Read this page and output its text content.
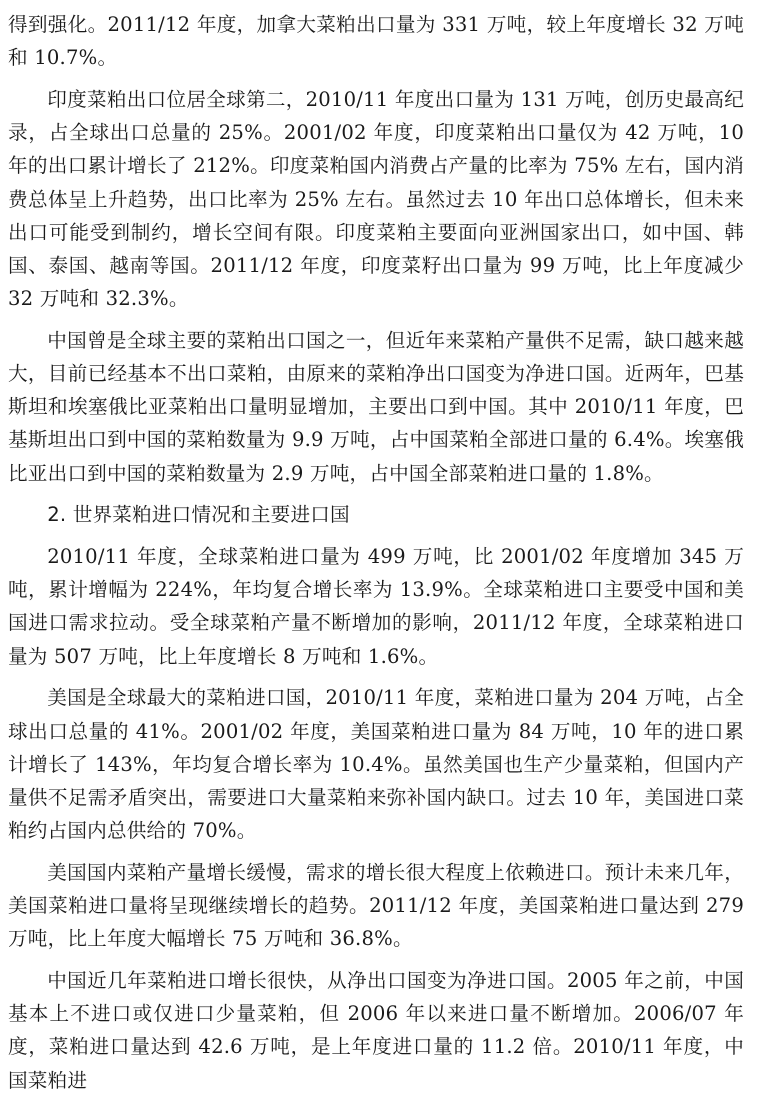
得到强化。2011/12 年度，加拿大菜粕出口量为 331 万吨，较上年度增长 32 万吨和 10.7%。

印度菜粕出口位居全球第二，2010/11 年度出口量为 131 万吨，创历史最高纪录，占全球出口总量的 25%。2001/02 年度，印度菜粕出口量仅为 42 万吨，10 年的出口累计增长了 212%。印度菜粕国内消费占产量的比率为 75% 左右，国内消费总体呈上升趋势，出口比率为 25% 左右。虽然过去 10 年出口总体增长，但未来出口可能受到制约，增长空间有限。印度菜粕主要面向亚洲国家出口，如中国、韩国、泰国、越南等国。2011/12 年度，印度菜籽出口量为 99 万吨，比上年度减少 32 万吨和 32.3%。

中国曾是全球主要的菜粕出口国之一，但近年来菜粕产量供不足需，缺口越来越大，目前已经基本不出口菜粕，由原来的菜粕净出口国变为净进口国。近两年，巴基斯坦和埃塞俄比亚菜粕出口量明显增加，主要出口到中国。其中 2010/11 年度，巴基斯坦出口到中国的菜粕数量为 9.9 万吨，占中国菜粕全部进口量的 6.4%。埃塞俄比亚出口到中国的菜粕数量为 2.9 万吨，占中国全部菜粕进口量的 1.8%。

2. 世界菜粕进口情况和主要进口国

2010/11 年度，全球菜粕进口量为 499 万吨，比 2001/02 年度增加 345 万吨，累计增幅为 224%，年均复合增长率为 13.9%。全球菜粕进口主要受中国和美国进口需求拉动。受全球菜粕产量不断增加的影响，2011/12 年度，全球菜粕进口量为 507 万吨，比上年度增长 8 万吨和 1.6%。

美国是全球最大的菜粕进口国，2010/11 年度，菜粕进口量为 204 万吨，占全球出口总量的 41%。2001/02 年度，美国菜粕进口量为 84 万吨，10 年的进口累计增长了 143%，年均复合增长率为 10.4%。虽然美国也生产少量菜粕，但国内产量供不足需矛盾突出，需要进口大量菜粕来弥补国内缺口。过去 10 年，美国进口菜粕约占国内总供给的 70%。

美国国内菜粕产量增长缓慢，需求的增长很大程度上依赖进口。预计未来几年，美国菜粕进口量将呈现继续增长的趋势。2011/12 年度，美国菜粕进口量达到 279 万吨，比上年度大幅增长 75 万吨和 36.8%。

中国近几年菜粕进口增长很快，从净出口国变为净进口国。2005 年之前，中国基本上不进口或仅进口少量菜粕，但 2006 年以来进口量不断增加。2006/07 年度，菜粕进口量达到 42.6 万吨，是上年度进口量的 11.2 倍。2010/11 年度，中国菜粕进
